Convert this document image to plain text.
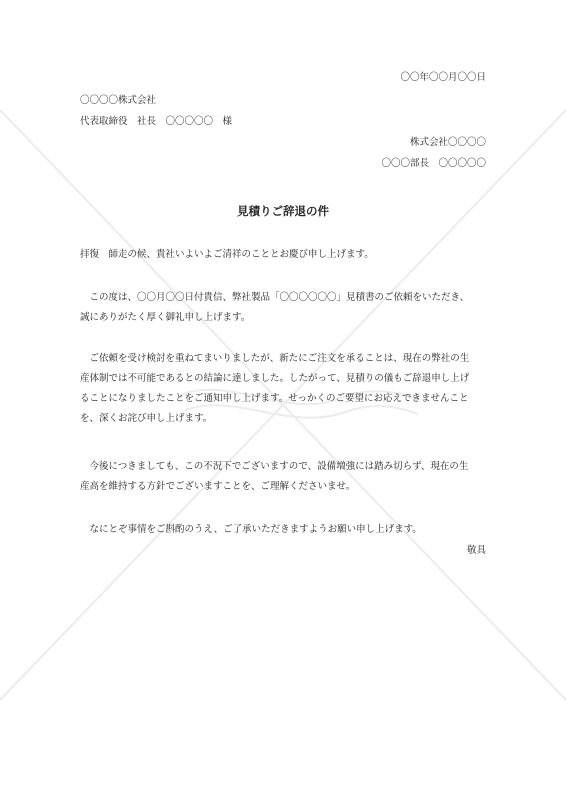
〇〇年〇〇月〇〇日
〇〇〇〇株式会社
代表取締役　社長　〇〇〇〇〇　様
株式会社〇〇〇〇
〇〇〇部長　〇〇〇〇〇
見積りご辞退の件
拝復　師走の候、貴社いよいよご清祥のこととお慶び申し上げます。
　この度は、〇〇月〇〇日付貴信、弊社製品「〇〇〇〇〇〇」見積書のご依頼をいただき、
誠にありがたく厚く御礼申し上げます。
　ご依頼を受け検討を重ねてまいりましたが、新たにご注文を承ることは、現在の弊社の生
産体制では不可能であるとの結論に達しました。したがって、見積りの儀もご辞退申し上げ
ることになりましたことをご通知申し上げます。せっかくのご要望にお応えできませんこと
を、深くお詫び申し上げます。
　今後につきましても、この不況下でございますので、設備増強には踏み切らず、現在の生
産高を維持する方針でございますことを、ご理解くださいませ。
　なにとぞ事情をご斟酌のうえ、ご了承いただきますようお願い申し上げます。
敬具
